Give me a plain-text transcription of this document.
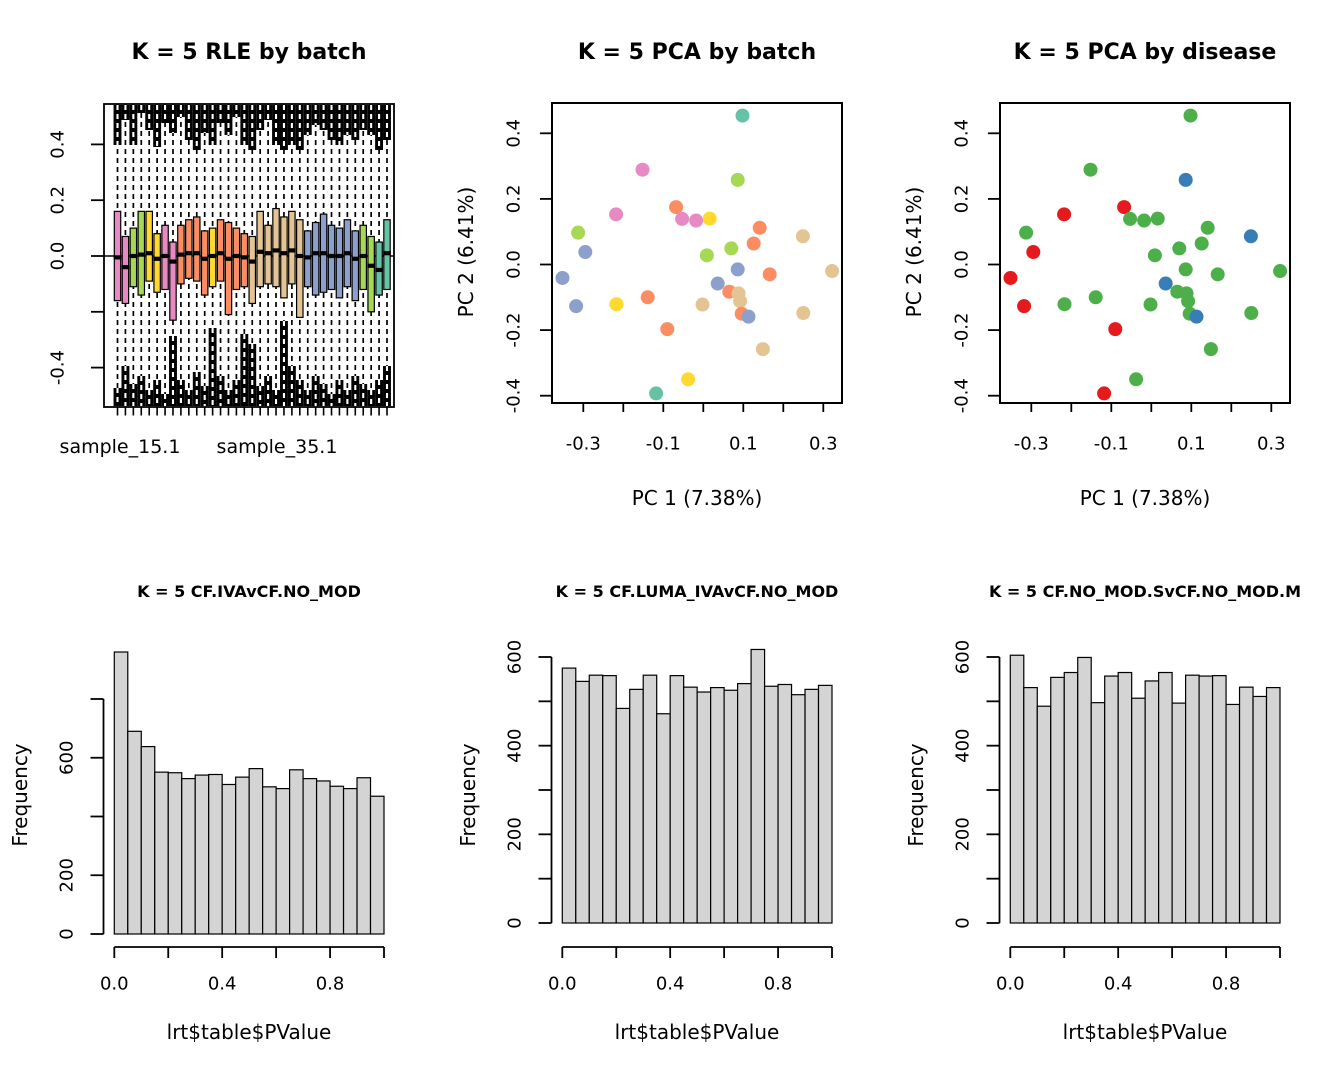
0.4
0.2
0.0
-0.4
-0.3 -0.1	0.1	0.3
0.4
0.2
0.0
-0.2
-0.4
-0.3 -0.1	0.1	0.3
0.4
0.2
0.0
-0.2
-0.4
0
200
600
0.0	0.4	0.8
0
200
400
600
0.0	0.4	0.8
0
200
400
600
0.0	0.4	0.8
K = 5 RLE by batch	K = 5 PCA by batch	K = 5 PCA by disease
K = 5 CF.IVAvCF.NO_MOD	K = 5 CF.LUMA_IVAvCF.NO_MOD	K = 5 CF.NO_MOD.SvCF.NO_MOD.M
sample_15.1	sample_35.1
PC 1 (7.38%)	PC 1 (7.38%)
PC 2 (6.41%)	PC 2 (6.41%)
Frequency	Frequency	Frequency
lrt$table$PValue	lrt$table$PValue	lrt$table$PValue
